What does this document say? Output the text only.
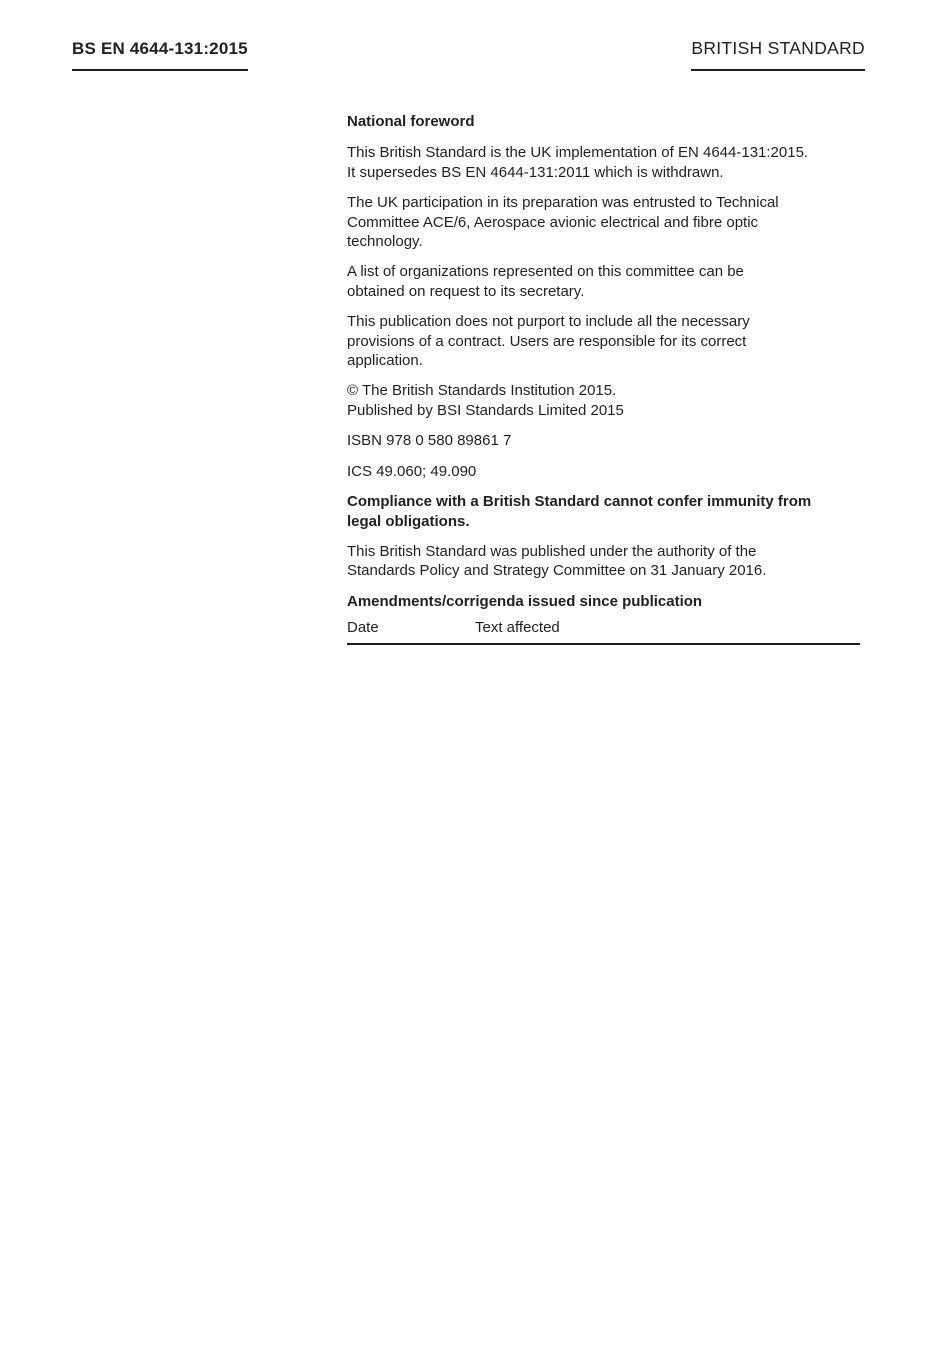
BS EN 4644-131:2015	BRITISH STANDARD
National foreword

This British Standard is the UK implementation of EN 4644-131:2015.
It supersedes BS EN 4644-131:2011 which is withdrawn.

The UK participation in its preparation was entrusted to Technical
Committee ACE/6, Aerospace avionic electrical and fibre optic
technology.

A list of organizations represented on this committee can be
obtained on request to its secretary.

This publication does not purport to include all the necessary
provisions of a contract. Users are responsible for its correct
application.

© The British Standards Institution 2015.
Published by BSI Standards Limited 2015

ISBN 978 0 580 89861 7

ICS 49.060; 49.090

Compliance with a British Standard cannot confer immunity from
legal obligations.

This British Standard was published under the authority of the
Standards Policy and Strategy Committee on 31 January 2016.

Amendments/corrigenda issued since publication
Date	Text affected
